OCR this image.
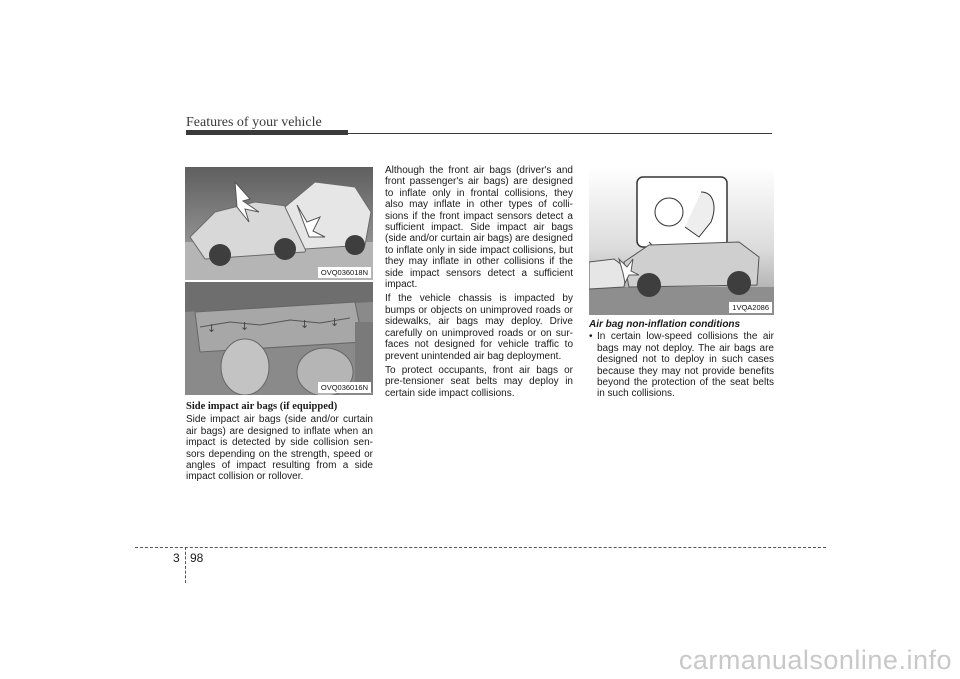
Features of your vehicle
OVQ036018N
↓ ↓	↓ ↓
OVQ036016N

Side impact air bags (if equipped)

Side impact air bags (side and/or curtain air bags) are designed to inflate when an impact is detected by side collision sen-sors depending on the strength, speed or angles of impact resulting from a side impact collision or rollover.

Although the front air bags (driver's and front passenger's air bags) are designed to inflate only in frontal collisions, they also may inflate in other types of colli-sions if the front impact sensors detect a sufficient impact. Side impact air bags (side and/or curtain air bags) are designed to inflate only in side impact collisions, but they may inflate in other collisions if the side impact sensors detect a sufficient impact.

If the vehicle chassis is impacted by bumps or objects on unimproved roads or sidewalks, air bags may deploy. Drive carefully on unimproved roads or on sur-faces not designed for vehicle traffic to prevent unintended air bag deployment.

To protect occupants, front air bags or pre-tensioner seat belts may deploy in certain side impact collisions.

1VQA2086

Air bag non-inflation conditions

• In certain low-speed collisions the air bags may not deploy. The air bags are designed not to deploy in such cases because they may not provide benefits beyond the protection of the seat belts in such collisions.
3 98
carmanualsonline.info
